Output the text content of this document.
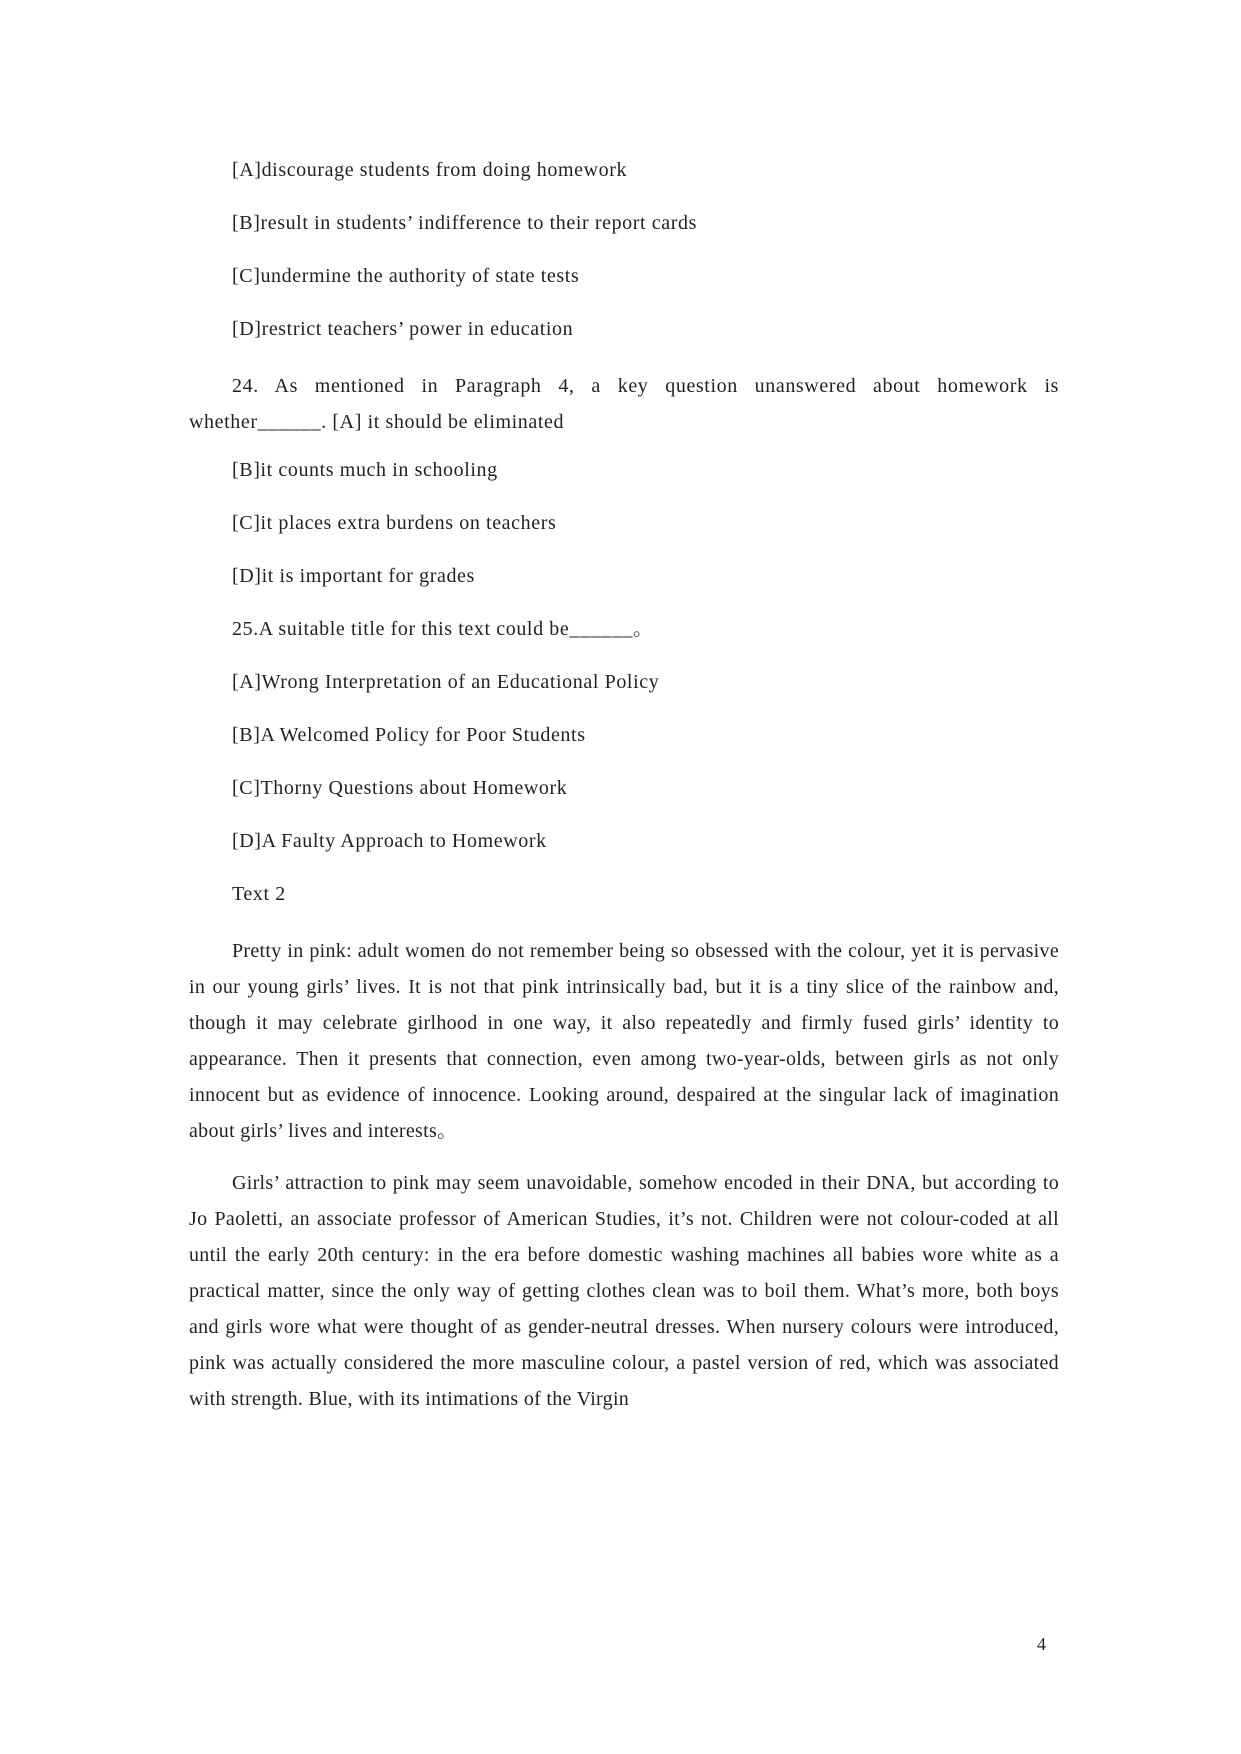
[A]discourage students from doing homework

[B]result in students’ indifference to their report cards

[C]undermine the authority of state tests

[D]restrict teachers’ power in education

24. As mentioned in Paragraph 4, a key question unanswered about homework is whether______. [A] it should be eliminated

[B]it counts much in schooling

[C]it places extra burdens on teachers

[D]it is important for grades

25.A suitable title for this text could be______。

[A]Wrong Interpretation of an Educational Policy

[B]A Welcomed Policy for Poor Students

[C]Thorny Questions about Homework

[D]A Faulty Approach to Homework

Text 2

Pretty in pink: adult women do not remember being so obsessed with the colour, yet it is pervasive in our young girls’ lives. It is not that pink intrinsically bad, but it is a tiny slice of the rainbow and, though it may celebrate girlhood in one way, it also repeatedly and firmly fused girls’ identity to appearance. Then it presents that connection, even among two-year-olds, between girls as not only innocent but as evidence of innocence. Looking around, despaired at the singular lack of imagination about girls’ lives and interests。

Girls’ attraction to pink may seem unavoidable, somehow encoded in their DNA, but according to Jo Paoletti, an associate professor of American Studies, it’s not. Children were not colour-coded at all until the early 20th century: in the era before domestic washing machines all babies wore white as a practical matter, since the only way of getting clothes clean was to boil them. What’s more, both boys and girls wore what were thought of as gender-neutral dresses. When nursery colours were introduced, pink was actually considered the more masculine colour, a pastel version of red, which was associated with strength. Blue, with its intimations of the Virgin

4
